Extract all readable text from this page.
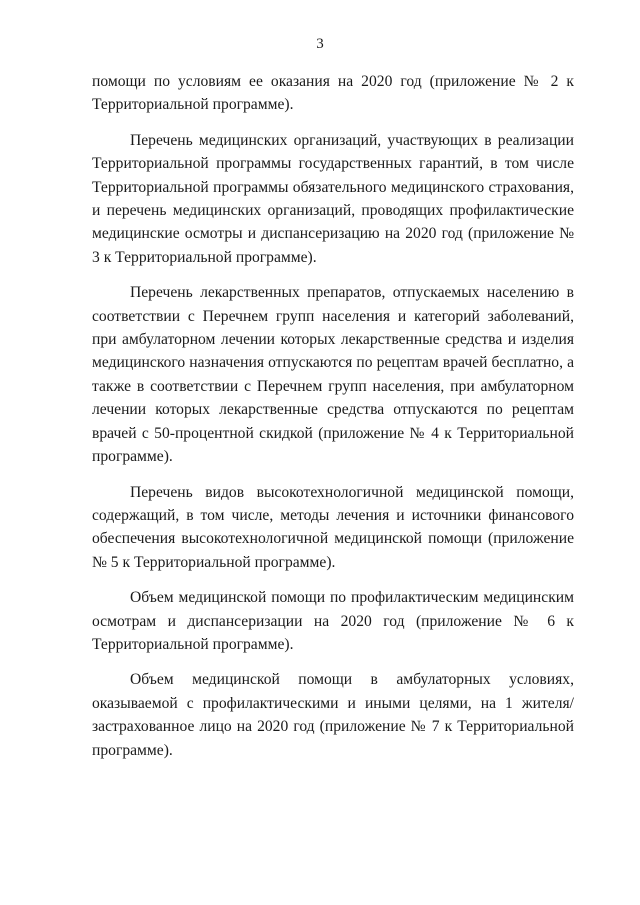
3

помощи по условиям ее оказания на 2020 год (приложение № 2 к Территориальной программе).

Перечень медицинских организаций, участвующих в реализации Территориальной программы государственных гарантий, в том числе Территориальной программы обязательного медицинского страхования, и перечень медицинских организаций, проводящих профилактические медицинские осмотры и диспансеризацию на 2020 год (приложение № 3 к Территориальной программе).

Перечень лекарственных препаратов, отпускаемых населению в соответствии с Перечнем групп населения и категорий заболеваний, при амбулаторном лечении которых лекарственные средства и изделия медицинского назначения отпускаются по рецептам врачей бесплатно, а также в соответствии с Перечнем групп населения, при амбулаторном лечении которых лекарственные средства отпускаются по рецептам врачей с 50-процентной скидкой (приложение № 4 к Территориальной программе).

Перечень видов высокотехнологичной медицинской помощи, содержащий, в том числе, методы лечения и источники финансового обеспечения высокотехнологичной медицинской помощи (приложение № 5 к Территориальной программе).

Объем медицинской помощи по профилактическим медицинским осмотрам и диспансеризации на 2020 год (приложение № 6 к Территориальной программе).

Объем медицинской помощи в амбулаторных условиях, оказываемой с профилактическими и иными целями, на 1 жителя/застрахованное лицо на 2020 год (приложение № 7 к Территориальной программе).
